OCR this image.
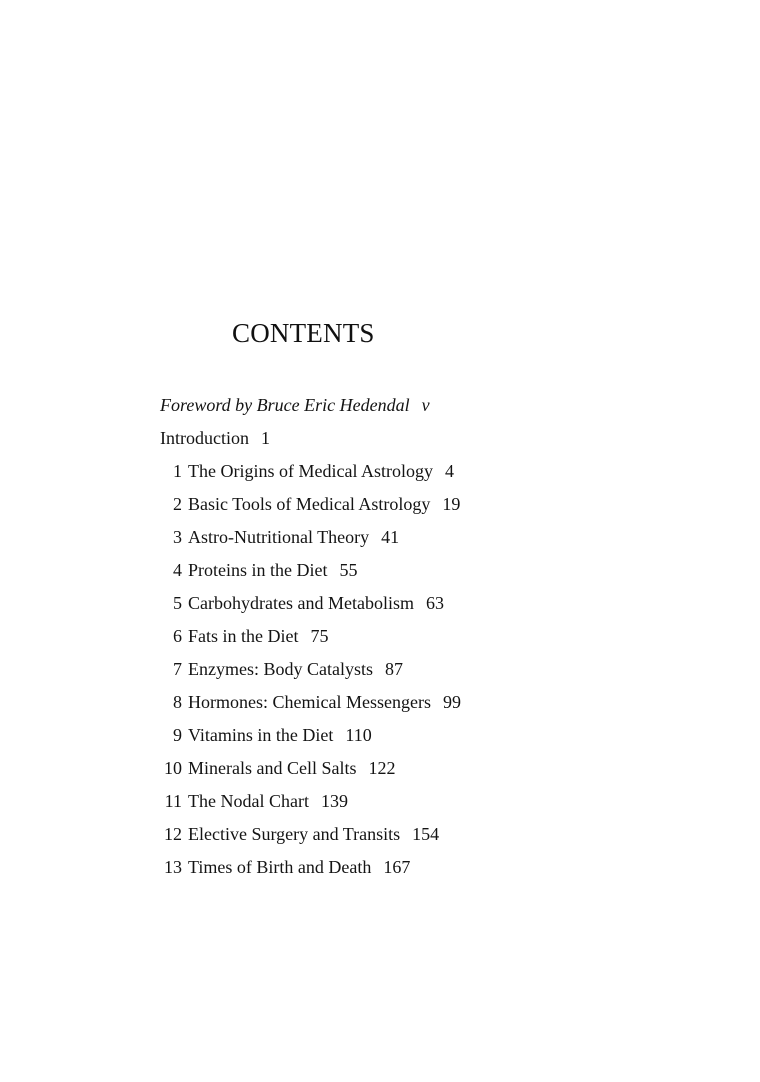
CONTENTS
Foreword by Bruce Eric Hedendal v
Introduction 1
1 The Origins of Medical Astrology 4
2 Basic Tools of Medical Astrology 19
3 Astro-Nutritional Theory 41
4 Proteins in the Diet 55
5 Carbohydrates and Metabolism 63
6 Fats in the Diet 75
7 Enzymes: Body Catalysts 87
8 Hormones: Chemical Messengers 99
9 Vitamins in the Diet 110
10 Minerals and Cell Salts 122
11 The Nodal Chart 139
12 Elective Surgery and Transits 154
13 Times of Birth and Death 167
